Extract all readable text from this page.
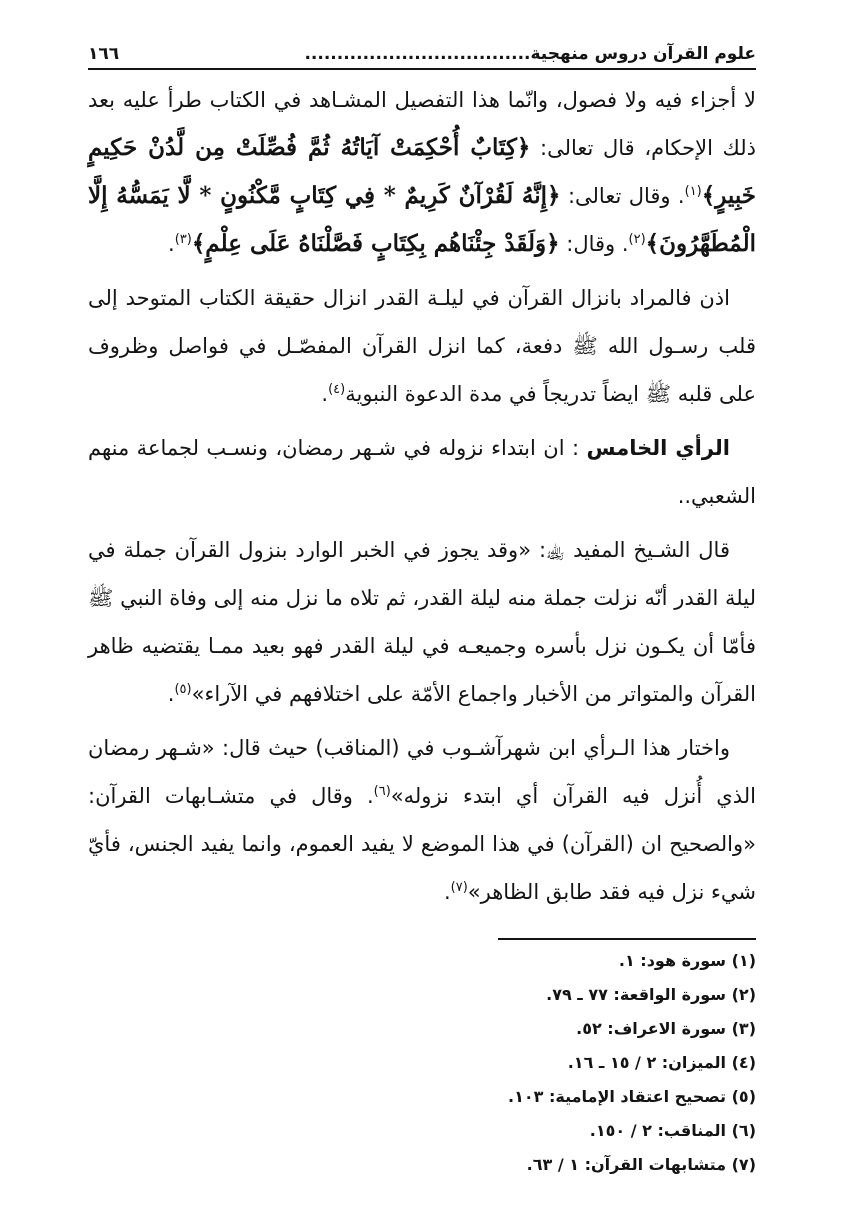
علوم القرآن دروس منهجية...................................
١٦٦

لا أجزاء فيه ولا فصول، وانّما هذا التفصيل المشـاهد في الكتاب طرأ عليه بعد ذلك الإحكام، قال تعالى: ﴿كِتَابٌ أُحْكِمَتْ آيَاتُهُ ثُمَّ فُصِّلَتْ مِن لَّدُنْ حَكِيمٍ خَبِيرٍ﴾$^{(١)}$. وقال تعالى: ﴿إِنَّهُ لَقُرْآنٌ كَرِيمٌ * فِي كِتَابٍ مَّكْنُونٍ * لَّا يَمَسُّهُ إِلَّا الْمُطَهَّرُونَ﴾$^{(٢)}$. وقال: ﴿وَلَقَدْ جِئْنَاهُم بِكِتَابٍ فَصَّلْنَاهُ عَلَى عِلْمٍ﴾$^{(٣)}$.

اذن فالمراد بانزال القرآن في ليلـة القدر انزال حقيقة الكتاب المتوحد إلى قلب رسـول الله ﷺ دفعة، كما انزل القرآن المفصّـل في فواصل وظروف على قلبه ﷺ ايضاً تدريجاً في مدة الدعوة النبوية$^{(٤)}$.

الرأي الخامس : ان ابتداء نزوله في شـهر رمضان، ونسـب لجماعة منهم الشعبي..

قال الشـيخ المفيد ﵀: «وقد يجوز في الخبر الوارد بنزول القرآن جملة في ليلة القدر أنّه نزلت جملة منه ليلة القدر، ثم تلاه ما نزل منه إلى وفاة النبي ﷺ فأمّا أن يكـون نزل بأسره وجميعـه في ليلة القدر فهو بعيد ممـا يقتضيه ظاهر القرآن والمتواتر من الأخبار واجماع الأمّة على اختلافهم في الآراء»$^{(٥)}$.

واختار هذا الـرأي ابن شهرآشـوب في (المناقب) حيث قال: «شـهر رمضان الذي أُنزل فيه القرآن أي ابتدء نزوله»$^{(٦)}$. وقال في متشـابهات القرآن: «والصحيح ان (القرآن) في هذا الموضع لا يفيد العموم، وانما يفيد الجنس، فأيّ شيء نزل فيه فقد طابق الظاهر»$^{(٧)}$.

(١) سورة هود: ١.

(٢) سورة الواقعة: ٧٧ ـ ٧٩.

(٣) سورة الاعراف: ٥٢.

(٤) الميزان: ٢ / ١٥ ـ ١٦.

(٥) تصحيح اعتقاد الإمامية: ١٠٣.

(٦) المناقب: ٢ / ١٥٠.

(٧) متشابهات القرآن: ١ / ٦٣.
